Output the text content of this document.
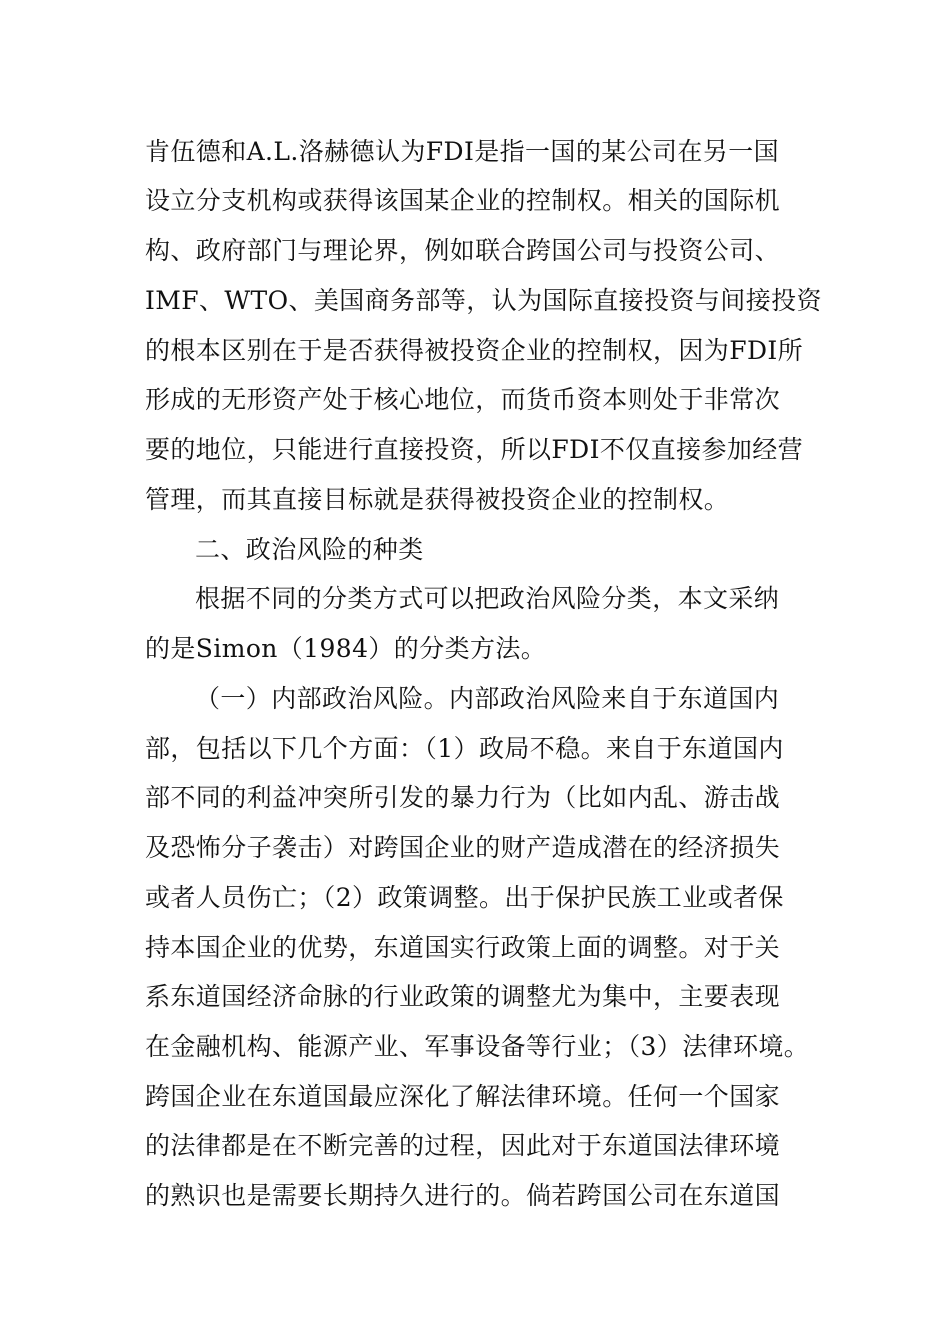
肯伍德和A.L.洛赫德认为FDI是指一国的某公司在另一国
设立分支机构或获得该国某企业的控制权。相关的国际机
构、政府部门与理论界，例如联合跨国公司与投资公司、
IMF、WTO、美国商务部等，认为国际直接投资与间接投资
的根本区别在于是否获得被投资企业的控制权，因为FDI所
形成的无形资产处于核心地位，而货币资本则处于非常次
要的地位，只能进行直接投资，所以FDI不仅直接参加经营
管理，而其直接目标就是获得被投资企业的控制权。
二、政治风险的种类
根据不同的分类方式可以把政治风险分类，本文采纳
的是Simon（1984）的分类方法。
（一）内部政治风险。内部政治风险来自于东道国内
部，包括以下几个方面：（1）政局不稳。来自于东道国内
部不同的利益冲突所引发的暴力行为（比如内乱、游击战
及恐怖分子袭击）对跨国企业的财产造成潜在的经济损失
或者人员伤亡；（2）政策调整。出于保护民族工业或者保
持本国企业的优势，东道国实行政策上面的调整。对于关
系东道国经济命脉的行业政策的调整尤为集中，主要表现
在金融机构、能源产业、军事设备等行业；（3）法律环境。
跨国企业在东道国最应深化了解法律环境。任何一个国家
的法律都是在不断完善的过程，因此对于东道国法律环境
的熟识也是需要长期持久进行的。倘若跨国公司在东道国
